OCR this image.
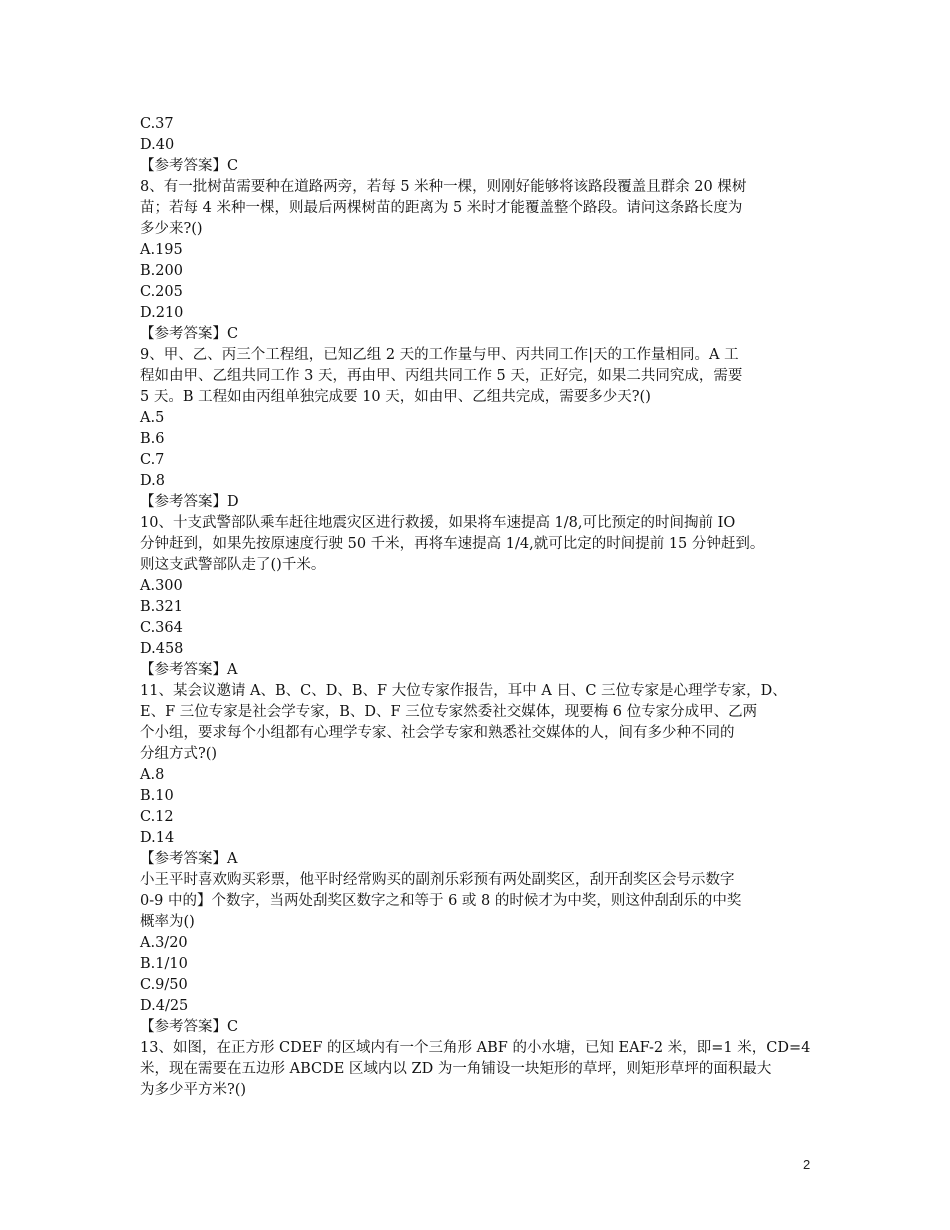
C.37
D.40
【参考答案】C
8、有一批树苗需要种在道路两旁，若每 5 米种一棵，则刚好能够将该路段覆盖且群余 20 棵树
苗；若每 4 米种一棵，则最后两棵树苗的距离为 5 米时才能覆盖整个路段。请问这条路长度为
多少来?()
A.195
B.200
C.205
D.210
【参考答案】C
9、甲、乙、丙三个工程组，已知乙组 2 天的工作量与甲、丙共同工作|天的工作量相同。A 工
程如由甲、乙组共同工作 3 天，再由甲、丙组共同工作 5 天，正好完，如果二共同究成，需要
5 天。B 工程如由丙组单独完成要 10 天，如由甲、乙组共完成，需要多少天?()
A.5
B.6
C.7
D.8
【参考答案】D
10、十支武警部队乘车赶往地震灾区进行救援，如果将车速提高 1/8,可比预定的时间掏前 IO
分钟赶到，如果先按原速度行驶 50 千米，再将车速提高 1/4,就可比定的时间提前 15 分钟赶到。
则这支武警部队走了()千米。
A.300
B.321
C.364
D.458
【参考答案】A
11、某会议邀请 A、B、C、D、B、F 大位专家作报告，耳中 A 日、C 三位专家是心理学专家，D、
E、F 三位专家是社会学专家，B、D、F 三位专家然委社交媒体，现要梅 6 位专家分成甲、乙两
个小组，要求每个小组都有心理学专家、社会学专家和熟悉社交媒体的人，间有多少种不同的
分组方式?()
A.8
B.10
C.12
D.14
【参考答案】A
小王平时喜欢购买彩票，他平时经常购买的副剂乐彩预有两处副奖区，刮开刮奖区会号示数字
0-9 中的】个数字，当两处刮奖区数字之和等于 6 或 8 的时候才为中奖，则这仲刮刮乐的中奖
概率为()
A.3/20
B.1/10
C.9/50
D.4/25
【参考答案】C
13、如图，在正方形 CDEF 的区域内有一个三角形 ABF 的小水塘，已知 EAF-2 米，即=1 米，CD=4
米，现在需要在五边形 ABCDE 区域内以 ZD 为一角铺设一块矩形的草坪，则矩形草坪的面积最大
为多少平方米?()
2
